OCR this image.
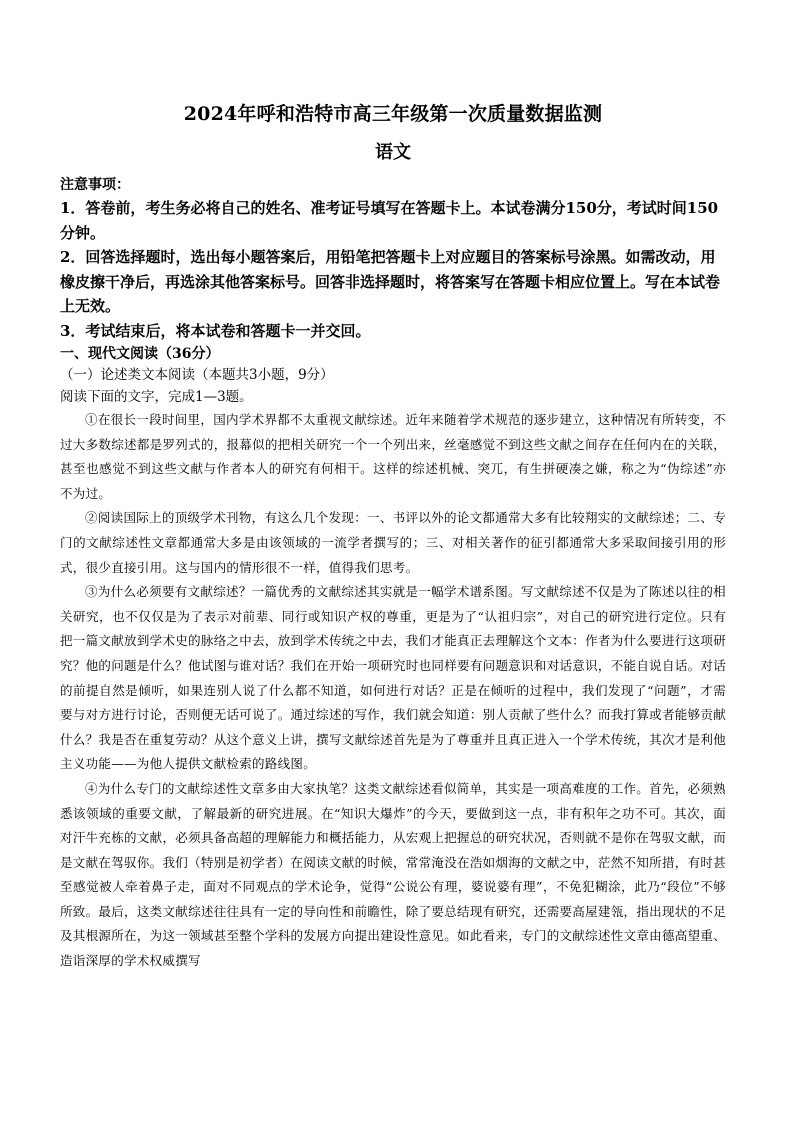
2024年呼和浩特市高三年级第一次质量数据监测
语文

注意事项：

1．答卷前，考生务必将自己的姓名、准考证号填写在答题卡上。本试卷满分150分，考试时间150分钟。

2．回答选择题时，选出每小题答案后，用铅笔把答题卡上对应题目的答案标号涂黑。如需改动，用橡皮擦干净后，再选涂其他答案标号。回答非选择题时，将答案写在答题卡相应位置上。写在本试卷上无效。

3．考试结束后，将本试卷和答题卡一并交回。

一、现代文阅读（36分）

（一）论述类文本阅读（本题共3小题，9分）

阅读下面的文字，完成1—3题。

①在很长一段时间里，国内学术界都不太重视文献综述。近年来随着学术规范的逐步建立，这种情况有所转变，不过大多数综述都是罗列式的，报幕似的把相关研究一个一个列出来，丝毫感觉不到这些文献之间存在任何内在的关联，甚至也感觉不到这些文献与作者本人的研究有何相干。这样的综述机械、突兀，有生拼硬凑之嫌，称之为“伪综述”亦不为过。

②阅读国际上的顶级学术刊物，有这么几个发现：一、书评以外的论文都通常大多有比较翔实的文献综述；二、专门的文献综述性文章都通常大多是由该领域的一流学者撰写的；三、对相关著作的征引都通常大多采取间接引用的形式，很少直接引用。这与国内的情形很不一样，值得我们思考。

③为什么必须要有文献综述？一篇优秀的文献综述其实就是一幅学术谱系图。写文献综述不仅是为了陈述以往的相关研究，也不仅仅是为了表示对前辈、同行或知识产权的尊重，更是为了“认祖归宗”，对自己的研究进行定位。只有把一篇文献放到学术史的脉络之中去，放到学术传统之中去，我们才能真正去理解这个文本：作者为什么要进行这项研究？他的问题是什么？他试图与谁对话？我们在开始一项研究时也同样要有问题意识和对话意识，不能自说自话。对话的前提自然是倾听，如果连别人说了什么都不知道，如何进行对话？正是在倾听的过程中，我们发现了“问题”，才需要与对方进行讨论，否则便无话可说了。通过综述的写作，我们就会知道：别人贡献了些什么？而我打算或者能够贡献什么？我是否在重复劳动？从这个意义上讲，撰写文献综述首先是为了尊重并且真正进入一个学术传统，其次才是利他主义功能——为他人提供文献检索的路线图。

④为什么专门的文献综述性文章多由大家执笔？这类文献综述看似简单，其实是一项高难度的工作。首先，必须熟悉该领域的重要文献，了解最新的研究进展。在“知识大爆炸”的今天，要做到这一点，非有积年之功不可。其次，面对汗牛充栋的文献，必须具备高超的理解能力和概括能力，从宏观上把握总的研究状况，否则就不是你在驾驭文献，而是文献在驾驭你。我们（特别是初学者）在阅读文献的时候，常常淹没在浩如烟海的文献之中，茫然不知所措，有时甚至感觉被人牵着鼻子走，面对不同观点的学术论争，觉得“公说公有理，婆说婆有理”，不免犯糊涂，此乃“段位”不够所致。最后，这类文献综述往往具有一定的导向性和前瞻性，除了要总结现有研究，还需要高屋建瓴，指出现状的不足及其根源所在，为这一领域甚至整个学科的发展方向提出建设性意见。如此看来，专门的文献综述性文章由德高望重、造诣深厚的学术权威撰写
